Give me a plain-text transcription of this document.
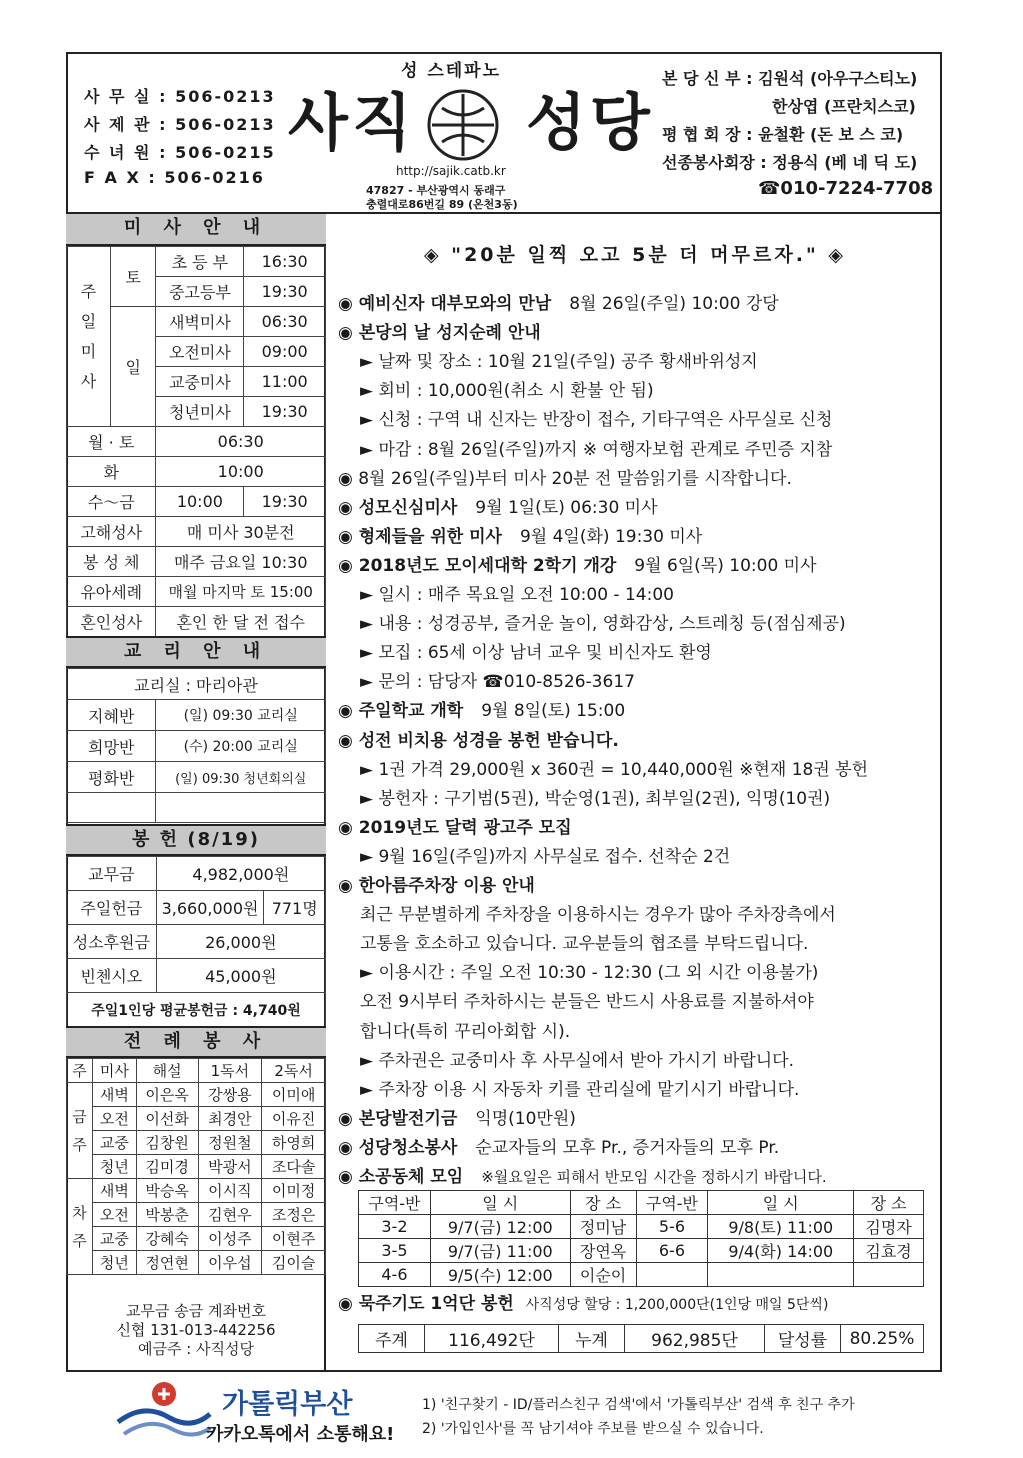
사 무 실 : 506-0213
사 제 관 : 506-0213
수 녀 원 : 506-0215
F A X : 506-0216
성 스테파노
사직 성당
http://sajik.catb.kr
47827 - 부산광역시 동래구
충렬대로86번길 89 (온천3동)
본 당 신 부 : 김원석 (아우구스티노)
한상엽 (프란치스코)
평 협 회 장 : 윤철환 (돈 보 스 코)
선종봉사회장 : 정용식 (베 네 딕 도)
☎010-7224-7708
미 사 안 내
주일미사	토	초 등 부	16:30
		중고등부	19:30
	일	새벽미사	06:30
		오전미사	09:00
		교중미사	11:00
		청년미사	19:30
월 · 토		06:30	
화		10:00	
수～금		10:00	19:30
고해성사		매 미사 30분전	
봉 성 체		매주 금요일 10:30	
유아세례		매월 마지막 토 15:00	
혼인성사		혼인 한 달 전 접수	
교 리 안 내
교리실 : 마리아관	
지혜반	(일) 09:30 교리실
희망반	(수) 20:00 교리실
평화반	(일) 09:30 청년회의실

봉 헌 (8/19)
교무금	4,982,000원	
주일헌금	3,660,000원	771명
성소후원금	26,000원	
빈첸시오	45,000원	
주일1인당 평균봉헌금 : 4,740원		
전 례 봉 사
주	미사	해설	1독서	2독서
금주	새벽	이은옥	강쌍용	이미애
	오전	이선화	최경안	이유진
	교중	김창원	정원철	하영희
	청년	김미경	박광서	조다솔
차주	새벽	박승옥	이시직	이미정
	오전	박봉춘	김현우	조정은
	교중	강혜숙	이성주	이현주
	청년	정연현	이우섭	김이슬
교무금 송금 계좌번호
신협 131-013-442256
예금주 : 사직성당
◈ "20분 일찍 오고 5분 더 머무르자." ◈
◉ 예비신자 대부모와의 만남 8월 26일(주일) 10:00 강당
◉ 본당의 날 성지순례 안내
► 날짜 및 장소 : 10월 21일(주일) 공주 황새바위성지
► 회비 : 10,000원(취소 시 환불 안 됨)
► 신청 : 구역 내 신자는 반장이 접수, 기타구역은 사무실로 신청
► 마감 : 8월 26일(주일)까지 ※ 여행자보험 관계로 주민증 지참
◉ 8월 26일(주일)부터 미사 20분 전 말씀읽기를 시작합니다.
◉ 성모신심미사 9월 1일(토) 06:30 미사
◉ 형제들을 위한 미사 9월 4일(화) 19:30 미사
◉ 2018년도 모이세대학 2학기 개강 9월 6일(목) 10:00 미사
► 일시 : 매주 목요일 오전 10:00 - 14:00
► 내용 : 성경공부, 즐거운 놀이, 영화감상, 스트레칭 등(점심제공)
► 모집 : 65세 이상 남녀 교우 및 비신자도 환영
► 문의 : 담당자 ☎010-8526-3617
◉ 주일학교 개학 9월 8일(토) 15:00
◉ 성전 비치용 성경을 봉헌 받습니다.
► 1권 가격 29,000원 x 360권 = 10,440,000원 ※현재 18권 봉헌
► 봉헌자 : 구기범(5권), 박순영(1권), 최부일(2권), 익명(10권)
◉ 2019년도 달력 광고주 모집
► 9월 16일(주일)까지 사무실로 접수. 선착순 2건
◉ 한아름주차장 이용 안내
최근 무분별하게 주차장을 이용하시는 경우가 많아 주차장측에서
고통을 호소하고 있습니다. 교우분들의 협조를 부탁드립니다.
► 이용시간 : 주일 오전 10:30 - 12:30 (그 외 시간 이용불가)
오전 9시부터 주차하시는 분들은 반드시 사용료를 지불하셔야
합니다(특히 꾸리아회합 시).
► 주차권은 교중미사 후 사무실에서 받아 가시기 바랍니다.
► 주차장 이용 시 자동차 키를 관리실에 맡기시기 바랍니다.
◉ 본당발전기금 익명(10만원)
◉ 성당청소봉사 순교자들의 모후 Pr., 증거자들의 모후 Pr.
◉ 소공동체 모임 ※월요일은 피해서 반모임 시간을 정하시기 바랍니다.
구역-반	일 시	장 소	구역-반	일 시	장 소
3-2	9/7(금) 12:00	정미남	5-6	9/8(토) 11:00	김명자
3-5	9/7(금) 11:00	장연옥	6-6	9/4(화) 14:00	김효경
4-6	9/5(수) 12:00	이순이			
◉ 묵주기도 1억단 봉헌 사직성당 할당 : 1,200,000단(1인당 매일 5단씩)
주계	116,492단	누계	962,985단	달성률	80.25%
가톨릭부산
카카오톡에서 소통해요!
1) '친구찾기 - ID/플러스친구 검색'에서 '가톨릭부산' 검색 후 친구 추가
2) '가입인사'를 꼭 남기셔야 주보를 받으실 수 있습니다.
